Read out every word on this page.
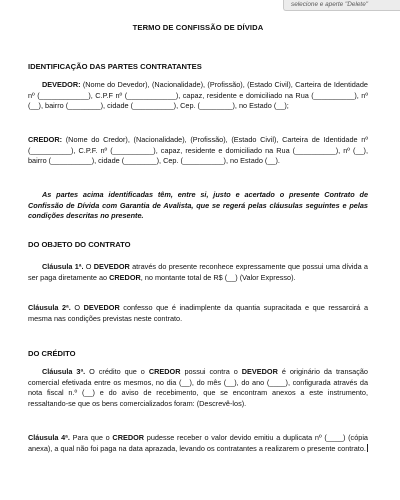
selecione e aperte "Delete"
TERMO DE CONFISSÃO DE DÍVIDA
IDENTIFICAÇÃO DAS PARTES CONTRATANTES

DEVEDOR: (Nome do Devedor), (Nacionalidade), (Profissão), (Estado Civil), Carteira de Identidade nº (____________), C.P.F nº (____________), capaz, residente e domiciliado na Rua (__________), nº (__), bairro (________), cidade (__________), Cep. (________), no Estado (__);

CREDOR: (Nome do Credor), (Nacionalidade), (Profissão), (Estado Civil), Carteira de Identidade nº (__________), C.P.F. nº (__________), capaz, residente e domiciliado na Rua (__________), nº (__), bairro (__________), cidade (________), Cep. (__________), no Estado (__).

As partes acima identificadas têm, entre si, justo e acertado o presente Contrato de Confissão de Dívida com Garantia de Avalista, que se regerá pelas cláusulas seguintes e pelas condições descritas no presente.

DO OBJETO DO CONTRATO

Cláusula 1ª. O DEVEDOR através do presente reconhece expressamente que possui uma dívida a ser paga diretamente ao CREDOR, no montante total de R$ (__) (Valor Expresso).

Cláusula 2ª. O DEVEDOR confesso que é inadimplente da quantia supracitada e que ressarcirá a mesma nas condições previstas neste contrato.

DO CRÉDITO

Cláusula 3ª. O crédito que o CREDOR possui contra o DEVEDOR é originário da transação comercial efetivada entre os mesmos, no dia (__), do mês (__), do ano (____), configurada através da nota fiscal n.º (__) e do aviso de recebimento, que se encontram anexos a este instrumento, ressaltando-se que os bens comercializados foram: (Descrevê-los).

Cláusula 4ª. Para que o CREDOR pudesse receber o valor devido emitiu a duplicata nº (____) (cópia anexa), a qual não foi paga na data aprazada, levando os contratantes a realizarem o presente contrato.
